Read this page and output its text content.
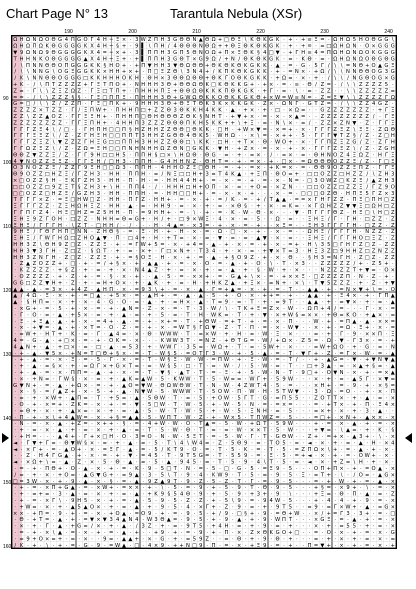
Chart Page N° 13	Tarantula Nebula (XSr)
190	200	210	220	230	240
90
100
110
120
130
140
150
160
Ω Η Ω Ν Ω Ο Θ G 4 Π G Ο Γ 4 Η ┼ Ξ × · 3 W Ζ Π Η 3 G Θ Θ Ν ▲ Θ Ω + □ Θ Ξ \ Κ Θ Κ G K · + · + ≡ Ξ = · Ω Η Ω 5 Η Ο Θ G G \
Ω Η Ω Π Ω Κ Θ G G G G K Χ 4 Η ┼ § + · 9 ▌ \ Π Η / 4 Θ Θ Θ Ν Θ Ω + + Θ Ξ Θ Κ Θ Κ G K · + · + ≡ · = □ Ω Η Ω Ν · Ο × G G G
▼ 9 Ω Ν Ω 9 Θ G G G G K Χ 4 = ┼ × + · 3 ▌ Π Π Η 3 G Π 5 Θ Ν Ο Ω + Π × Ξ Θ Κ § 4 □ ▼ · + Γ Η ≡ 4 = Π Ω Η Ω Ν Ω Ο Κ G G G
T Η Η Ν Κ Ο Θ G G G G ▲ Χ 4 Η ┼ Ξ + · + ▌ Π Π Η 3 G Θ T × G 9 Ω / + Ν / Θ Κ Θ Κ G K · = · Κ Θ · = · Ω Η Ω Ν Ω Ο Θ G Θ G
/ \ Π Ν Ν Θ Θ Ο Π G G G K Κ § Η Ο + · + Π ▼ Η Η 3 ▼ Θ Ω Θ Θ + Θ Κ Θ Κ Θ Κ G K K · ▲ · = · G · 5 Γ / \ \ = Ν Θ + Ο ▲ G Ξ
/ \ \ Ν Ν G \ Ο G Ξ G G K K × Η Η + × + · Π □ Ξ Ζ Θ \ 3 Ν 4 + / Κ Π Κ Θ Κ G K K · + · = Ν × · + Ω / \ \ Ν Ν Θ Θ Ο G 3 G
/ Κ \ Ν Ν Θ Θ Ο G G G □ K K Η Η Η Ο Κ Η · Θ Η × 3 Θ Θ Ω Θ Θ + Θ Κ Γ Ο Θ Κ G K K · + Ω = · × · + · / \ \ / Ν G Θ Ο G × G
+ Κ · / \ Π T Ζ Ζ Ζ Ζ + Γ Ξ T Π Ο + · Ν Η Η Η 3 Θ + Θ Θ Ω Θ Κ □ Κ Θ Κ Κ G + · + × · = · ≡ · Θ / Ζ = · / \ \ Ζ Ζ Ζ Ζ 5 ·
Ζ = · Γ \ \ Ζ Ξ Ζ Ω Ζ · Γ Ξ □ T Π + · Π Η Η Η Π Ξ + Θ Θ Ω Θ Κ Κ Κ Π Θ Κ G Κ · + Γ · = · \ · = · Ζ Ζ · · \ \ Ζ Ζ Ζ Ζ Ζ =
= = · / \ \ Ζ Ζ Ζ § § · Γ Ξ □ Π Π Ξ · Π Η Η Η 3 Θ + G W Ω Θ Κ Κ Ο Θ Κ Κ G Κ Θ + × W = W ≡ Ν = · Ζ = Ξ ▼ \ \ Ζ Ζ Ζ Ζ Γ Ω
G = □ / \ \ Ζ / Ζ Ζ Π · Γ Ξ □ Π Κ + · 9 Η Η Η 3 Θ + Θ Ξ T Θ Κ 3 Κ × Κ Κ G Κ · Ζ × · Ω Ν Γ · G T Ζ = · / \ \ Ζ Ζ 4 G Ζ ·
Ζ Ζ Ζ Ζ × T Ζ Ζ · Γ / Ξ Π W + · Π Η Η Π □ + Ζ Ζ Θ 3 Θ Κ Κ Η 4 Κ Κ · ▲ · + × · + · □ · × Ω = · · G Ζ Ζ Ζ Ζ Ζ Ζ Ζ · + Γ Ξ
Ζ Ζ \ Ζ Ζ ▲ Ο Ζ · Γ Γ Ξ Ξ Η + · Π Η Η Π □ Θ Η Θ Θ Θ Ζ Θ Κ § Ν Η T · + ▼ + × · = · × · × ▲ = · · Ζ Ζ Ζ Ζ Ζ Ζ Ζ Ζ / · Γ Ξ
Ζ Ζ Ζ Ζ Ζ Ζ Ζ Ζ · Γ Γ Ξ Π Η + · 4 Η Η Π 3 Ζ Ζ Ζ Θ Θ Θ Π Κ Η 5 Κ Κ + + \ + Ξ · = · Ν \ × · = / · Ζ Ζ × Ζ Ν ▼ · Ζ · Γ Γ Ξ
Γ Γ Γ Ζ Ξ 4 \ / □ · · Γ Η Π Η □ □ Π § Η Ζ Η Η Ζ Ζ Θ Θ □ Θ Κ Κ · □ Η · + W × ▼ = · × = + · × · Γ Γ Γ Ζ Ξ Ζ \ Ξ Ξ · Ζ Ω Θ
Γ Γ Γ Ξ Ξ Ζ \ / Ζ · Ζ Γ Η Ξ Η □ □ Π Π T 3 Η Η Ζ G Θ Θ 4 Θ Κ 5 · W Η Ω · · × \ = · × + + · 5 · Γ Γ Γ ▼ T Ζ § / Ζ · Ζ □ Η
Γ Γ Γ Ζ Ξ Ζ \ ▼ Ζ Ζ Ζ Γ Η Ξ G □ □ Π Π Η 3 Η Η Ζ Ζ Θ Θ □ \ Κ Κ · □ Η · + T × · Θ · W Ο + · × · Γ Γ Π Ζ Ξ Ζ G / Ζ · Ζ Γ Η
Γ Γ Ω Ζ Ξ Ζ \ / Ζ · Ζ Ω = Ξ Η □ □ Π Ν Η Ν Η Η Ω Ζ Θ Ν □ G Κ Κ · ▼ Η · + Ζ × · = · × · + · × · Γ Γ Γ Ζ Ξ Ζ \ / Ζ · Ζ G Η
Θ Θ Ζ ▼ Ζ Ζ Ξ / Ζ · Γ Γ 9 Η □ □ Η 5 · Π Π Η § □ × \ Η Ω Θ · Θ G · = · + · = × · / · = × · = · Θ Η Ν Ο Ζ 4 Ξ Ω Ζ · Η Γ Ξ
4 ▼ Ν Ο Ζ Ζ Ξ Ξ Ζ · Γ Γ Ξ Η / □ Η 3 · Π Π Η · G 4 Η Η Ν Ζ · Θ Η T = · + · = × · + · □ × · = Ω Θ Θ Θ Ο Ζ Ζ Ξ / Ζ · Γ □ Ξ
Ο 3 Ν Ο Ζ Ζ Ξ / Ζ Ζ Γ 9 Ξ Η □ □ Ω 3 · Π Π Η · 4 Η Η Ο Ζ Ξ □ Θ Η · = · + · = × · + Κ = × · = · Θ Θ 9 Ο Ζ Ζ Ξ Π Ζ · Γ Γ Ξ
Θ 9 Ο Ζ Ζ □ Η Ζ Ξ / Γ Ζ Η 3 · Η Η · Π Π Η · = / Ν Ξ □ □ Η + 3 = T 4 Κ ▲ · + Ξ Π · Θ Ο = + · □ □ Ο Ζ Ζ □ Η Ζ Ζ / \ Ζ Η 3
× □ Ο Ζ Ζ § Η · Ξ Κ Γ Ζ Η 3 · Η Η · Π · Η · = · Η Η 4 4 Η + · = · × · = · + · = · × · Ν = · □ 3 Ο W Ζ □ Κ Ζ Ξ / ▲ Ζ Η 3
□ □ Ο Ζ Ζ □ 9 Ζ Ξ T § Ζ Η 3 + \ Η · Π Π 4 · / · Η Η Η □ Η + Ο Π · × · = · + Ο = · × Ζ Ν · · □ □ Ο Ζ Ζ □ Ζ Ζ Ξ / Γ Ζ 9 Ο
□ □ Ο Ζ Ζ □ Η Ζ Ξ / G Ζ Η 3 · Η Η · Π Π Η · = · Η Η □ □ Η + · = · × · × · + · · · × · = · □ □ □ Ο Ζ Θ · Η Π Ξ 5 Γ Ζ × 3
T Γ Γ Γ × Ζ · = Ξ □ Η W □ Ζ · Η Η · Π Γ Ζ · Η Η + · = · × · + · = / Κ · = · + / T ▲ ▲ · = = × Γ Η Γ Ζ Ζ · Π Ξ □ Π Η □ Ζ
Ξ Γ Γ Γ Ζ Ζ · Ζ Ξ Η Ω Η Ξ Ζ · Η Η · ▲ · = · Η Η 9 · = · × · + · = · × Θ § · + · × · = Κ = · × Γ Ω Η Ζ Ζ ▼ ▼ Ξ □ Ω Η □ Ζ
Γ Γ Π Γ Ζ 4 · Η Ξ □ Η Ζ = Ζ 5 Η Η · Π · = 9 Η Η + · = · \ · + · = · Κ · W · Θ · × · · · ▼ · Π Γ Γ Γ Θ Ζ · Η Ξ □ \ Η □ Ζ
Ξ Η Ξ 9 Ζ Γ Ο Η · □ Ζ Ζ · Ν Η Η = Θ = G + · Η / + · □ 9 × W Ξ · 4 · × · = · 5 · · Ω · = · · Ξ Η Ξ / Γ · Γ Η · □ Ζ Ζ · Ζ
Ξ Η Ξ / Γ Γ Γ Η · \ Ζ T · □ Η Η / · / · · · Η · 4 ▲ = · × 3 = · + · × · = · + · · × Ξ = · · Ξ Η 3 Γ Γ Γ Γ Η · □ Ζ Ζ · Ζ
9 Η Ξ / Γ Θ Γ Η Π □ Ν Ν · Ζ Η Θ § · = · Ξ · Η · + · Η · × · = · Ω · □ · × · + · · × · = · · Ω Η Ξ / Γ Γ Γ Η · Ν Ζ Ζ · Ζ
Ξ Η Ξ / Γ W Γ Η Ω □ Ζ Η Ο ▲ ▼ · Π · □ 4 + · Η · + T = · × · = · ▼ · = · = · ▲ ▼ · × · = · · Ξ Η Ξ / Γ Γ Γ Η Ο □ Ξ Ζ · Ζ
Η Η 3 Ζ \ Θ Η 9 Ζ □ Ζ · Ζ Ζ Ξ · + · = Γ W + 5 = · × · + 4 = · ▲ · + · × · = · + · × · = + · Η \ 3 5 □ Γ Η Γ Ζ □ Ζ · Ζ Ζ
Η Η 3 ▼ 3 Γ Η · Ζ □ Ζ · § Ω T · + · = · × + · Γ □ × Ν + · T 3 4 · + · × · = · + ▼ × T = 3 · Η Ξ 3 Ζ □ 9 Η Η Ζ □ Ζ Ν Ζ Ζ
Η Η 3 Ζ Ν Γ Η · Ζ □ Ζ · Ζ Ζ Ξ · + · = § Ο Ξ · Η · × · + · = · ▲ · + § Ο 9 Ζ · + · × · Θ · · § Η 3 = Ν Γ Η · Ζ □ Ζ · Ζ Ζ
· Ζ ▲ Ζ Ο Ζ Ζ + · □ · + · = / + § × · + · ▲ ▲ · + · = · × · Ο · = · ▲ · + · Ο · \ · T · × 3 · · Ζ Ζ Ζ Ζ Ζ / + · Ζ 5 + ·
· Κ Ζ Ζ Ζ Ζ · + § Ζ · + · = · + · × · Ν 4 ▲ Ζ · + · = · × · + · = · ▲ · + · § · W · + · × · · · Ν Ζ Ζ Ζ Ζ T + ▼ = · Ο ×
· Ο Ζ Ζ Ζ Ζ · + · Ζ · + · = · § · × · + · · ▲ · 5 · = · × × + · = · G ▲ + \ × · = · + × × Ξ · □ Ζ Ζ Ζ Ζ Π · Ν · Ζ · + ·
G G □ Ζ Ζ ▼ Η + · Ζ · + · = Η + Ο × · + · ▲ Κ · + · = · Η · + Η Κ Ζ ▲ · + Ξ × · = Ν + · × \ · T ▼ 5 Ζ Ζ Ζ · + · Ζ · + ▼
▲ ▲ · ▲ · = 3 × · + 4 Ζ · ▲ Η Π · × · = 9 3 \ + · = · × · ▲ · Γ = + ▲ = · × · + · = · T · · ▲ ▲ · + · = Ν × ▼ + \ = · Ο
▲ / 4 Ω · Ξ · × · + · = □ ▲ · + 5 × · = · ▲ Η + · = · ▲ · ▲ · 5 · + · Ο · × · + + = · + · · ▲ ▲ · + · Ξ 4 × · + · Γ Π ▲
▲ · § Η Π = · × · + · × · 4 · G · Ο · = · ▲ · + · = Η × · ▲ · T = 9 · = · T · + · = 9 T · · ▲ ▲ · + · = ▼ × · + · = · ▲
· × G + · = · 5 · + · × · = · + · ▲ Ν = · Ζ · × · = · T · 3 · W / \ · T Κ + Ξ = Ζ × · W · · Ω Π + 4 / = · · · Γ · × · =
· Γ · Ο · = · ▲ · + 5 × · = · + · ▲ · = · + · 5 · = · T · Η · W Κ = · T · + · ▼ · × + W § = × × · + Θ = Κ Ο · + ▲ × · =
· Ξ · + Ξ ▲ · ▲ · + · × · = 4 + · ▲ · = · + · × + = · T · + Θ W · = + T · + · = · × · Π · · · W · + · = Π ▲ · ▲ · × × =
· × · + ▼ = · ▲ · + · × T = · Ο · Ζ · = · + · × · = W T § Γ Ω ▼ · Ζ · T · Π · = · × · W ▼ · · × · + · = Ω · Ξ + · × · =
· = W + · Η T + · Κ · = · Γ · ▲ 4 = · × · Θ · W W W · T · = × W · + · Η · = · W · Ξ · × · · · = · + · Γ · 9 · × × Π · Ξ
4 = · G · ▲ · + □ × · = · + · Ο Κ = · × · · · Κ W W 3 T · = Ν Ζ · + Θ T G = · W / + Ω × · Ζ 5 = · Ω · ▼ · Γ 3 × · = · +
4 ▲ Ν + · ▲ · + □ × · = · □ · ▲ · = 5 3 · + · W W Γ · 3 5 = · W Ω + · T · = · 5 W + · × · · · = W + Ω Ο · + · G · = · Ν
· + · ▲ · ▼ 5 × · + Ν = T □ Θ + § × · = · T · W § 5 · = Ο T Γ 3 · W · + · 5 · ▲ · = · T · ▼ Γ + · Ζ · = Γ × · W · = · ▲
· + · ▲ · = · × · Ξ · = · 5 · Γ · × · = · T · W § Ξ · W · W · = Π W · + · Ξ · W · = · T / · · + · ▲ G = · ▼ · + ▼ Ν ▼ ▲
· + · ▲ · = § × · + · = Ω Γ × + G × T = · = · W § 5 · □ · T · = · W · / · 5 · W · = · T · · □ + 3 ▲ · = · × ▲ + § = · ▲
· + · ▲ · = · × · Π Π = · ▲ · + · × · = · T · ▼ § · ▲ T · T · = · Ξ · + · 5 · W · Ν · T · 9 □ + · Ο ▼ Ν · × · + · = × ▲
· × · + Ν = · Γ W § · × · = · + · ▲ Κ = ▲ W · 5 · Κ W W · T · 5 · W = = · W Γ + · 5 9 W · · · × · + · = · ▲ 5 Γ · × ▼ =
G ▼ Ν + · = · ▲ · + Ω × · = · + · ▲ Ο = ▼ W · Θ Ω W Θ W · T · Ν · W · 4 Ζ W T 4 · 5 · = · · · × Η + · = · 9 · + · × § =
· × · § · = / ▲ Ζ + · × · 5 · + · ▲ · Ν ▼ W · 5 · W W W · T · 5 Ο W · Π · W · Η · 5 T W ▼ · · 3 · Ω · = Ο · · + · × · Π
· = · + · × W + · ▲ Π = · T · + 5 = · ▲ · 5 Θ W · T · = · 5 · + Ο W · 5 Γ T · G · = Π 5 5 · · Ζ Ο T T × · + · ▲ · = · ×
· Ο · + · × = + · Ζ Κ = · × · + · = · ▼ · 5 □ W · T · W · 5 · + · W · 5 · Ν · = · = × = · · · = · + T × · + · Π · Ξ 4 ×
· = Θ + · × · + · ▲ × = · × · + · = · ▲ · 5 · W · T · W · 5 · + · W · 5 · Ξ Ν Η · = · 5 · · · = × + · × · + · 3 · ▲ · ·
· Π · + · × \ + 4 ▲ W = · × · + § = ▲ ▲ · 5 · W Π T · W · Ζ · + · W × 5 · T Π W Ζ = · 5 · · · = □ + · × Ν + · ▲ × × · ×
· Ν · = · × · ▲ · + Ζ = · × + + · § · = · 4 + W · W · Ο · T ▲ = · 5 · W · + Ω T · 5 9 W · · · + · = · × · ▲ · + · = · ×
· + · = · × · ▲ · + · = · × · + · ▲ · = · T · 5 · W · Θ · T · = · = · W · × × T · 5 · W · · · + ▼ = · \ ▲ = · + · Κ · §
· + Η = · · · ▲ 4 + · Γ + × □ Η · Ο · 3 = Ο · Ν · W · 5 Ξ T · = · 5 · W · Γ · T · G Θ W · · Ζ + · = + × · ▲ 3 + · \ · ×
◄ · Γ ▼ + Γ = · Θ ▼ W § × · = · + · ▲ · = · 5 · T \ 4 \ W 4 = · Ζ · 5 Θ 9 · = · T Ο 5 · = · ◄ · × · + · = · ▲ · Η · × 4
◄ · × Γ + · = · ▲ Ο + · × · = Ξ Γ · ▲ · = · 5 / Κ T 9 · Ο · = · T · 5 · Κ · = · T · 5 · = Ζ Π Ω × \ + · = · ▲ · + · × ·
· · Ζ · Η 4 Γ G ▲ · + · × · = · + · ▼ · = 4 5 · T · 9 T 5 G = · T · 5 5 9 · = · Ξ · 5 · = + ◄ · × · + · = · Ο W + · × ·
◄ · × Ω + \ = · ▲ · Ζ · × · 5 · Θ · ▲ · = · 5 · ▲ · 9 4 5 · = · T · 5 · 9 · 4 \ T · 5 · = · ◄ · × · + Ζ = \ Η · + · × ·
· = · + · Π Θ + · Ο · ▲ · × · + · = · Κ · 9 · 5 □ T · Ν · = · 5 · □ · G · 5 · = Ξ 9 · 5 · · · Ο Π + Π × · + · = Ο ▲ · ×
/ = · + · × · + Ο = · ▲ G ▼ G + · = 9 ▲ · 3 · 5 \ T · 9 · 4 · Κ W 9 · T · 5 · = · 9 · 5 · Ξ · = T + · \ · / Ο = · ▲ G ×
□ = 3 W · × · + · 9 · ▲ · × · § · = · ▲ · 9 Ζ ▲ 9 T · 9 · Ζ · 5 · Ζ · T · Γ · = · 9 · 5 · · · = · + · W · + · = · ▲ · ×
· + · = · × Π + G ▲ · = · × W + · = × × · + · \ · 5 · = · 9 · + · 5 · 9 · T · Θ · 9 · 5 · · · + § = · × 9 + · \ · = · ×
· + · = + = · 3 · ▲ · = · × · + · = · ▲ · + Κ 9 § 5 4 Θ · 9 · + · 5 · 9 · + 3 + · 9 · \ · · · + Ξ = · Θ · Π · ▲ · = · Ζ
· + · = · × Γ \ · 9 Η 5 · × · + · = · ▲ · 5 · 9 · 5 · Ζ · Ζ · + · 5 \ 9 · = · 9 4 W · 5 · · · + · 4 · 4 · + · 9 · = · ×
· + W = · × · + · ▲ 5 ▲ Ο × · + · = · ▲ · + · 9 · 5 · 4 · × Γ + · Ζ · 9 · = · + · 9 T 5 · · = 9 · = Γ × W + · ▲ · = G ×
× × · + Π = · 9 · + · = · × · + Ο ▲ · = Ο 9 · + · = · 9 · 5 · + / 9 · □ § + · 9 · = Θ + W · · × / + = Γ 3 · 3 + · = · □
· Θ · + T = · ▲ · + · = ▼ × ▼ 3 4 ▲ Ν 4 · W 3 Θ ▲ = · 9 · 5 · + · 9 · ▲ · + · 9 · W Π T · · · × G Ξ · = · ▲ · + · = · ×
· × · + · Γ · ▲ · + G = / × · + · ▲ · / 3 Ζ · + · = · 9 T 5 · + 4 Η · = · + · 9 · = · + · · · × · + · = 5 5 · + · = · ×
· = · + · × \ ▲ · = · × · + · = · ▲ · + · · + 9 · + · = · 9 · + · Π · × · Ζ × Θ Κ G Ο + □ · · = · Ο · × · + · = · × · G
· = 9 + Ο × = + · = · × · · 9 = · ▲ ▲ + · × · G · + · = 5 9 Ζ · · = · Θ · + · 9 · Θ · + · · · = · + · × · + · = · × · =
/ Κ · + · \ · + · = · G · 9 · = W ▲ · □ · 4 × 9 · + + Ν □ 9 · Π · = · × · + Ξ 9 · = · + · · Π = ▼ + · × · + · = · × · +
